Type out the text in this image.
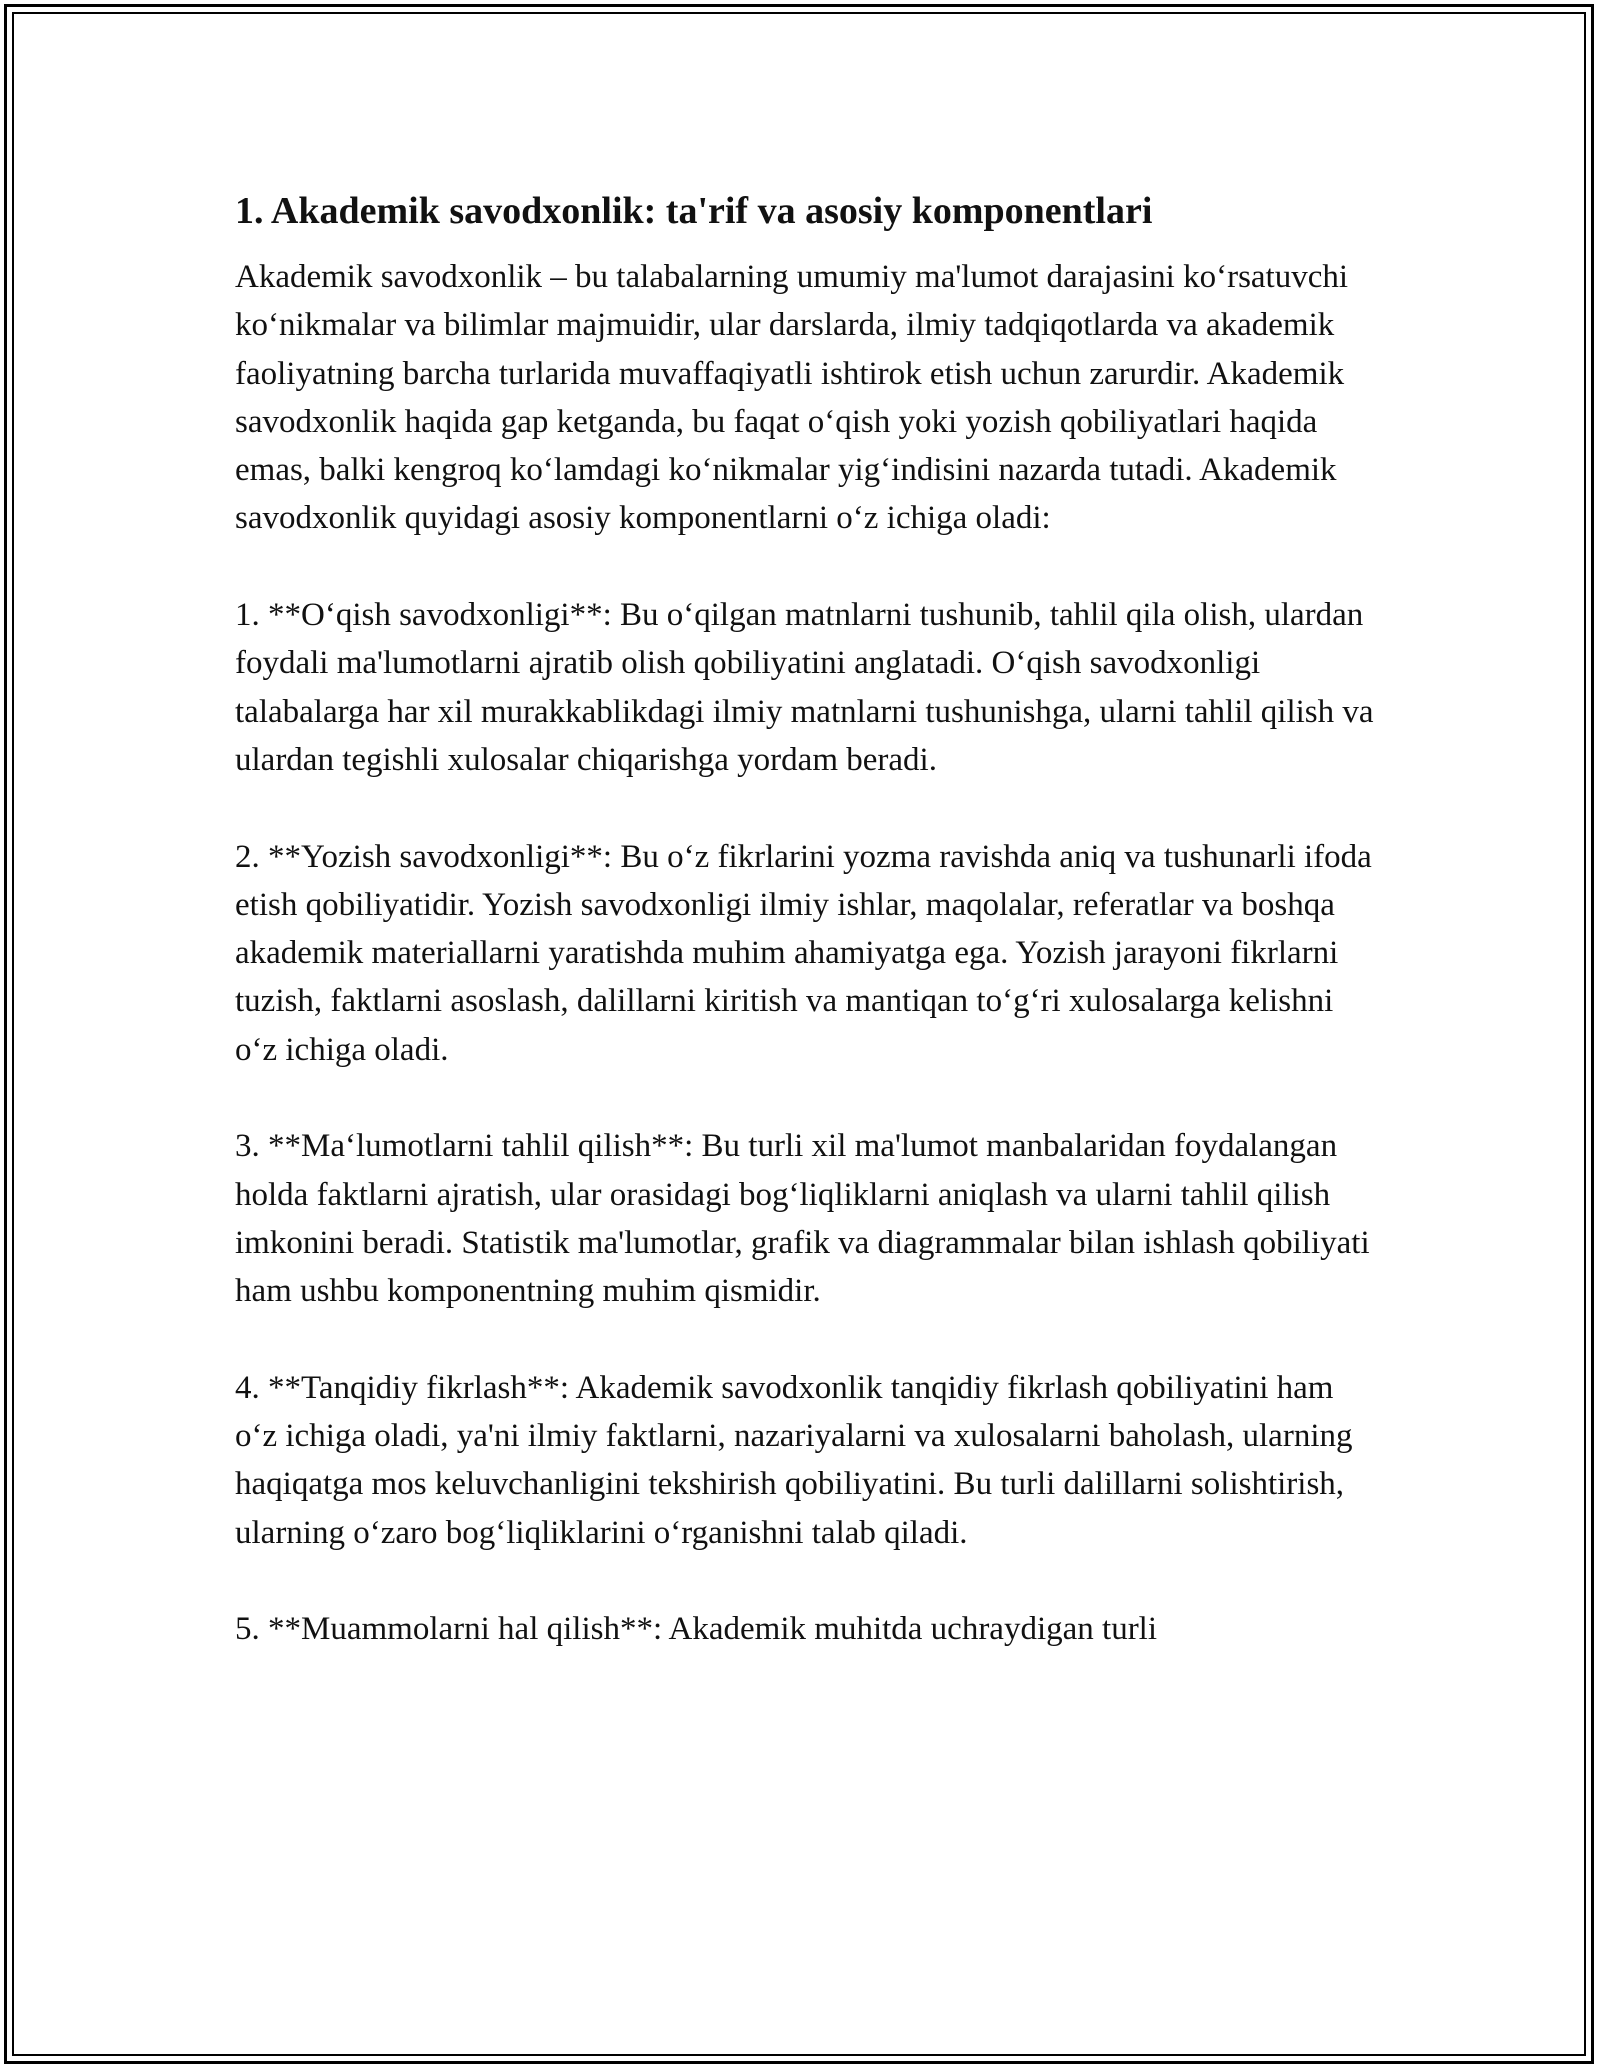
1. Akademik savodxonlik: ta'rif va asosiy komponentlari

Akademik savodxonlik – bu talabalarning umumiy ma'lumot darajasini ko‘rsatuvchi ko‘nikmalar va bilimlar majmuidir, ular darslarda, ilmiy tadqiqotlarda va akademik faoliyatning barcha turlarida muvaffaqiyatli ishtirok etish uchun zarurdir. Akademik savodxonlik haqida gap ketganda, bu faqat o‘qish yoki yozish qobiliyatlari haqida emas, balki kengroq ko‘lamdagi ko‘nikmalar yig‘indisini nazarda tutadi. Akademik savodxonlik quyidagi asosiy komponentlarni o‘z ichiga oladi:

1. **O‘qish savodxonligi**: Bu o‘qilgan matnlarni tushunib, tahlil qila olish, ulardan foydali ma'lumotlarni ajratib olish qobiliyatini anglatadi. O‘qish savodxonligi talabalarga har xil murakkablikdagi ilmiy matnlarni tushunishga, ularni tahlil qilish va ulardan tegishli xulosalar chiqarishga yordam beradi.

2. **Yozish savodxonligi**: Bu o‘z fikrlarini yozma ravishda aniq va tushunarli ifoda etish qobiliyatidir. Yozish savodxonligi ilmiy ishlar, maqolalar, referatlar va boshqa akademik materiallarni yaratishda muhim ahamiyatga ega. Yozish jarayoni fikrlarni tuzish, faktlarni asoslash, dalillarni kiritish va mantiqan to‘g‘ri xulosalarga kelishni o‘z ichiga oladi.

3. **Ma‘lumotlarni tahlil qilish**: Bu turli xil ma'lumot manbalaridan foydalangan holda faktlarni ajratish, ular orasidagi bog‘liqliklarni aniqlash va ularni tahlil qilish imkonini beradi. Statistik ma'lumotlar, grafik va diagrammalar bilan ishlash qobiliyati ham ushbu komponentning muhim qismidir.

4. **Tanqidiy fikrlash**: Akademik savodxonlik tanqidiy fikrlash qobiliyatini ham o‘z ichiga oladi, ya'ni ilmiy faktlarni, nazariyalarni va xulosalarni baholash, ularning haqiqatga mos keluvchanligini tekshirish qobiliyatini. Bu turli dalillarni solishtirish, ularning o‘zaro bog‘liqliklarini o‘rganishni talab qiladi.

5. **Muammolarni hal qilish**: Akademik muhitda uchraydigan turli
